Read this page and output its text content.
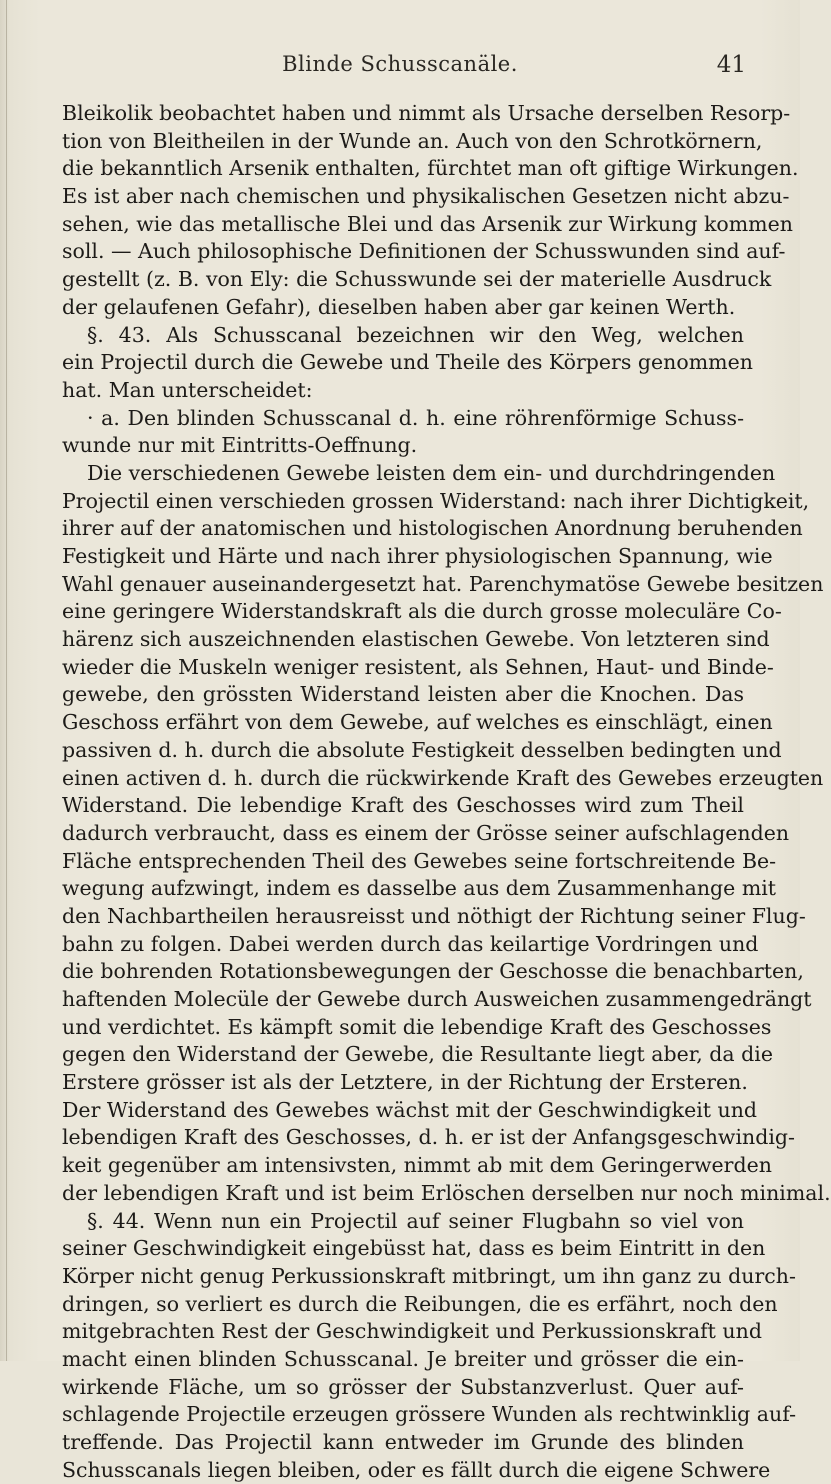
Blinde Schusscanäle.	41
Bleikolik beobachtet haben und nimmt als Ursache derselben Resorp-
tion von Bleitheilen in der Wunde an. Auch von den Schrotkörnern,
die bekanntlich Arsenik enthalten, fürchtet man oft giftige Wirkungen.
Es ist aber nach chemischen und physikalischen Gesetzen nicht abzu-
sehen, wie das metallische Blei und das Arsenik zur Wirkung kommen
soll. — Auch philosophische Definitionen der Schusswunden sind auf-
gestellt (z. B. von Ely: die Schusswunde sei der materielle Ausdruck
der gelaufenen Gefahr), dieselben haben aber gar keinen Werth.
§. 43. Als Schusscanal bezeichnen wir den Weg, welchen
ein Projectil durch die Gewebe und Theile des Körpers genommen
hat. Man unterscheidet:
· a. Den blinden Schusscanal d. h. eine röhrenförmige Schuss-
wunde nur mit Eintritts-Oeffnung.
Die verschiedenen Gewebe leisten dem ein- und durchdringenden
Projectil einen verschieden grossen Widerstand: nach ihrer Dichtigkeit,
ihrer auf der anatomischen und histologischen Anordnung beruhenden
Festigkeit und Härte und nach ihrer physiologischen Spannung, wie
Wahl genauer auseinandergesetzt hat. Parenchymatöse Gewebe besitzen
eine geringere Widerstandskraft als die durch grosse moleculäre Co-
härenz sich auszeichnenden elastischen Gewebe. Von letzteren sind
wieder die Muskeln weniger resistent, als Sehnen, Haut- und Binde-
gewebe, den grössten Widerstand leisten aber die Knochen. Das
Geschoss erfährt von dem Gewebe, auf welches es einschlägt, einen
passiven d. h. durch die absolute Festigkeit desselben bedingten und
einen activen d. h. durch die rückwirkende Kraft des Gewebes erzeugten
Widerstand. Die lebendige Kraft des Geschosses wird zum Theil
dadurch verbraucht, dass es einem der Grösse seiner aufschlagenden
Fläche entsprechenden Theil des Gewebes seine fortschreitende Be-
wegung aufzwingt, indem es dasselbe aus dem Zusammenhange mit
den Nachbartheilen herausreisst und nöthigt der Richtung seiner Flug-
bahn zu folgen. Dabei werden durch das keilartige Vordringen und
die bohrenden Rotationsbewegungen der Geschosse die benachbarten,
haftenden Molecüle der Gewebe durch Ausweichen zusammengedrängt
und verdichtet. Es kämpft somit die lebendige Kraft des Geschosses
gegen den Widerstand der Gewebe, die Resultante liegt aber, da die
Erstere grösser ist als der Letztere, in der Richtung der Ersteren.
Der Widerstand des Gewebes wächst mit der Geschwindigkeit und
lebendigen Kraft des Geschosses, d. h. er ist der Anfangsgeschwindig-
keit gegenüber am intensivsten, nimmt ab mit dem Geringerwerden
der lebendigen Kraft und ist beim Erlöschen derselben nur noch minimal.
§. 44. Wenn nun ein Projectil auf seiner Flugbahn so viel von
seiner Geschwindigkeit eingebüsst hat, dass es beim Eintritt in den
Körper nicht genug Perkussionskraft mitbringt, um ihn ganz zu durch-
dringen, so verliert es durch die Reibungen, die es erfährt, noch den
mitgebrachten Rest der Geschwindigkeit und Perkussionskraft und
macht einen blinden Schusscanal. Je breiter und grösser die ein-
wirkende Fläche, um so grösser der Substanzverlust. Quer auf-
schlagende Projectile erzeugen grössere Wunden als rechtwinklig auf-
treffende. Das Projectil kann entweder im Grunde des blinden
Schusscanals liegen bleiben, oder es fällt durch die eigene Schwere
